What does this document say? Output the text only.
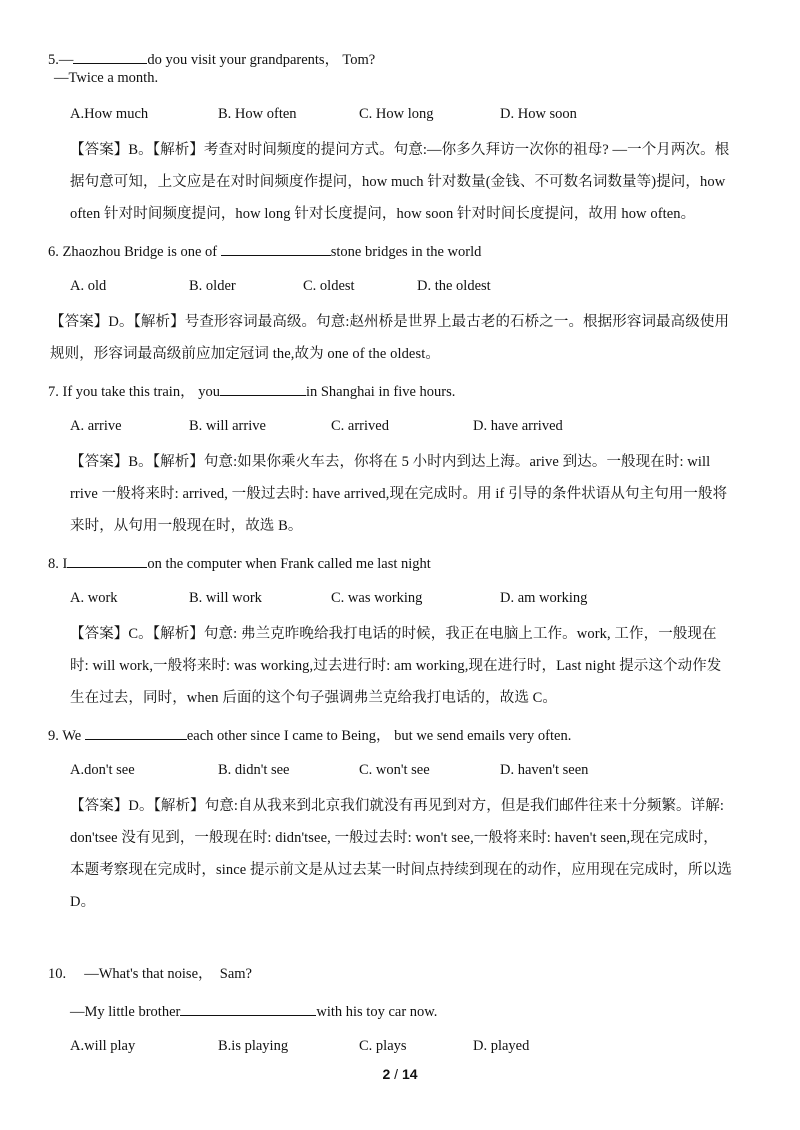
5.—	do you visit your grandparents， Tom?
—Twice a month.
A.How much	B. How often	C. How long	D. How soon
【答案】B。【解析】考查对时间频度的提问方式。句意:—你多久拜访一次你的祖母? —一个月两次。根
据句意可知，上文应是在对时间频度作提问，how much 针对数量(金钱、不可数名词数量等)提问，how
often 针对时间频度提问，how long 针对长度提问，how soon 针对时间长度提问，故用 how often。
6. Zhaozhou Bridge is one of	stone bridges in the world
A. old	B. older	C. oldest	D. the oldest
【答案】D。【解析】号查形容词最高级。句意:赵州桥是世界上最古老的石桥之一。根据形容词最高级使用
规则，形容词最高级前应加定冠词 the,故为 one of the oldest。
7. If you take this train， you	in Shanghai in five hours.
A. arrive	B. will arrive	C. arrived	D. have arrived
【答案】B。【解析】句意:如果你乘火车去，你将在 5 小时内到达上海。arive 到达。一般现在时: will
rrive 一般将来时: arrived, 一般过去时: have arrived,现在完成时。用 if 引导的条件状语从句主句用一般将
来时，从句用一般现在时，故选 B。
8. I	on the computer when Frank called me last night
A. work	B. will work	C. was working	D. am working
【答案】C。【解析】句意: 弗兰克昨晚给我打电话的时候，我正在电脑上工作。work, 工作，一般现在
时: will work,一般将来时: was working,过去进行时: am working,现在进行时，Last night 提示这个动作发
生在过去，同时，when 后面的这个句子强调弗兰克给我打电话的，故选 C。
9. We	each other since I came to Being， but we send emails very often.
A.don't see	B. didn't see	C. won't see	D. haven't seen
【答案】D。【解析】句意:自从我来到北京我们就没有再见到对方，但是我们邮件往来十分频繁。详解:
don'tsee 没有见到，一般现在时: didn'tsee, 一般过去时: won't see,一般将来时: haven't seen,现在完成时，
本题考察现在完成时，since 提示前文是从过去某一时间点持续到现在的动作，应用现在完成时，所以选
D。
10.     —What's that noise，  Sam?
—My little brother	with his toy car now.
A.will play	B.is playing	C. plays	D. played
2 / 14
